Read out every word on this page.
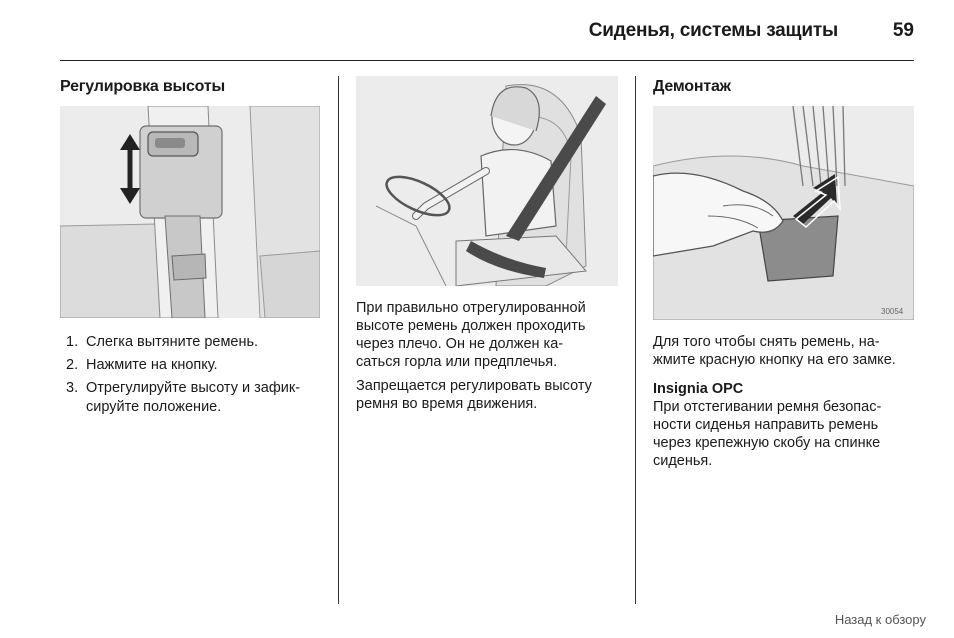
Сиденья, системы защиты	59
Регулировка высоты
1. Слегка вытяните ремень.
2. Нажмите на кнопку.
3. Отрегулируйте высоту и зафик-
сируйте положение.

При правильно отрегулированной
высоте ремень должен проходить
через плечо. Он не должен ка-
саться горла или предплечья.

Запрещается регулировать высоту
ремня во время движения.

Демонтаж
30054

Для того чтобы снять ремень, на-
жмите красную кнопку на его замке.

Insignia OPC

При отстегивании ремня безопас-
ности сиденья направить ремень
через крепежную скобу на спинке
сиденья.

Назад к обзору
